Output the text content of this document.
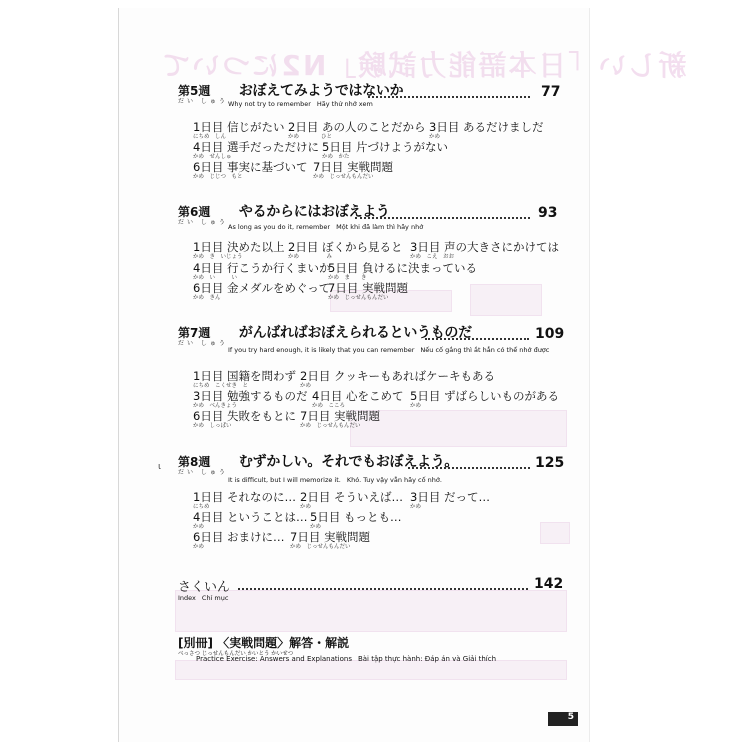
新しい「日本語能力試験」N2について
第5週
だい しゅう
おぼえてみようではないか	77
Why not try to remember Hãy thử nhớ xem
1日目 信じがたい
にちめ　しん
2日目 あの人のことだから
かめ　　　　ひと
3日目 あるだけましだ
かめ
4日目 選手だっただけに
かめ　せんしゅ
5日目 片づけようがない
かめ　かた
6日目 事実に基づいて
かめ　じじつ　もと
7日目 実戦問題
かめ　じっせんもんだい
第6週
だい しゅう
やるからにはおぼえよう	93
As long as you do it, remember Một khi đã làm thì hãy nhớ
1日目 決めた以上
かめ　き　いじょう
2日目 ぼくから見ると
かめ　　　　　み
3日目 声の大きさにかけては
かめ　こえ　おお
4日目 行こうか行くまいか
かめ　い　　　い
5日目 負けるに決まっている
かめ　ま　　き
6日目 金メダルをめぐって
かめ　きん
7日目 実戦問題
かめ　じっせんもんだい
第7週
だい しゅう
がんばればおぼえられるというものだ	109
If you try hard enough, it is likely that you can remember Nếu cố gắng thì ắt hẳn có thể nhớ được
1日目 国籍を問わず
にちめ　こくせき　と
2日目 クッキーもあればケーキもある
かめ
3日目 勉強するものだ
かめ　べんきょう
4日目 心をこめて
かめ　こころ
5日目 ずばらしいものがある
かめ
6日目 失敗をもとに
かめ　しっぱい
7日目 実戦問題
かめ　じっせんもんだい
ι 第8週
だい しゅう
むずかしい。それでもおぼえよう。	125
It is difficult, but I will memorize it. Khó. Tuy vậy vẫn hãy cố nhớ.
1日目 それなのに…
にちめ
2日目 そういえば…
かめ
3日目 だって…
かめ
4日目 ということは…
かめ
5日目 もっとも…
かめ
6日目 おまけに…
かめ
7日目 実戦問題
かめ　じっせんもんだい
さくいん	142
Index Chỉ mục
[別冊] 〈実戦問題〉解答・解説
べっさつ じっせんもんだい かいとう かいせつ
Practice Exercise: Answers and Explanations Bài tập thực hành: Đáp án và Giải thích
5
